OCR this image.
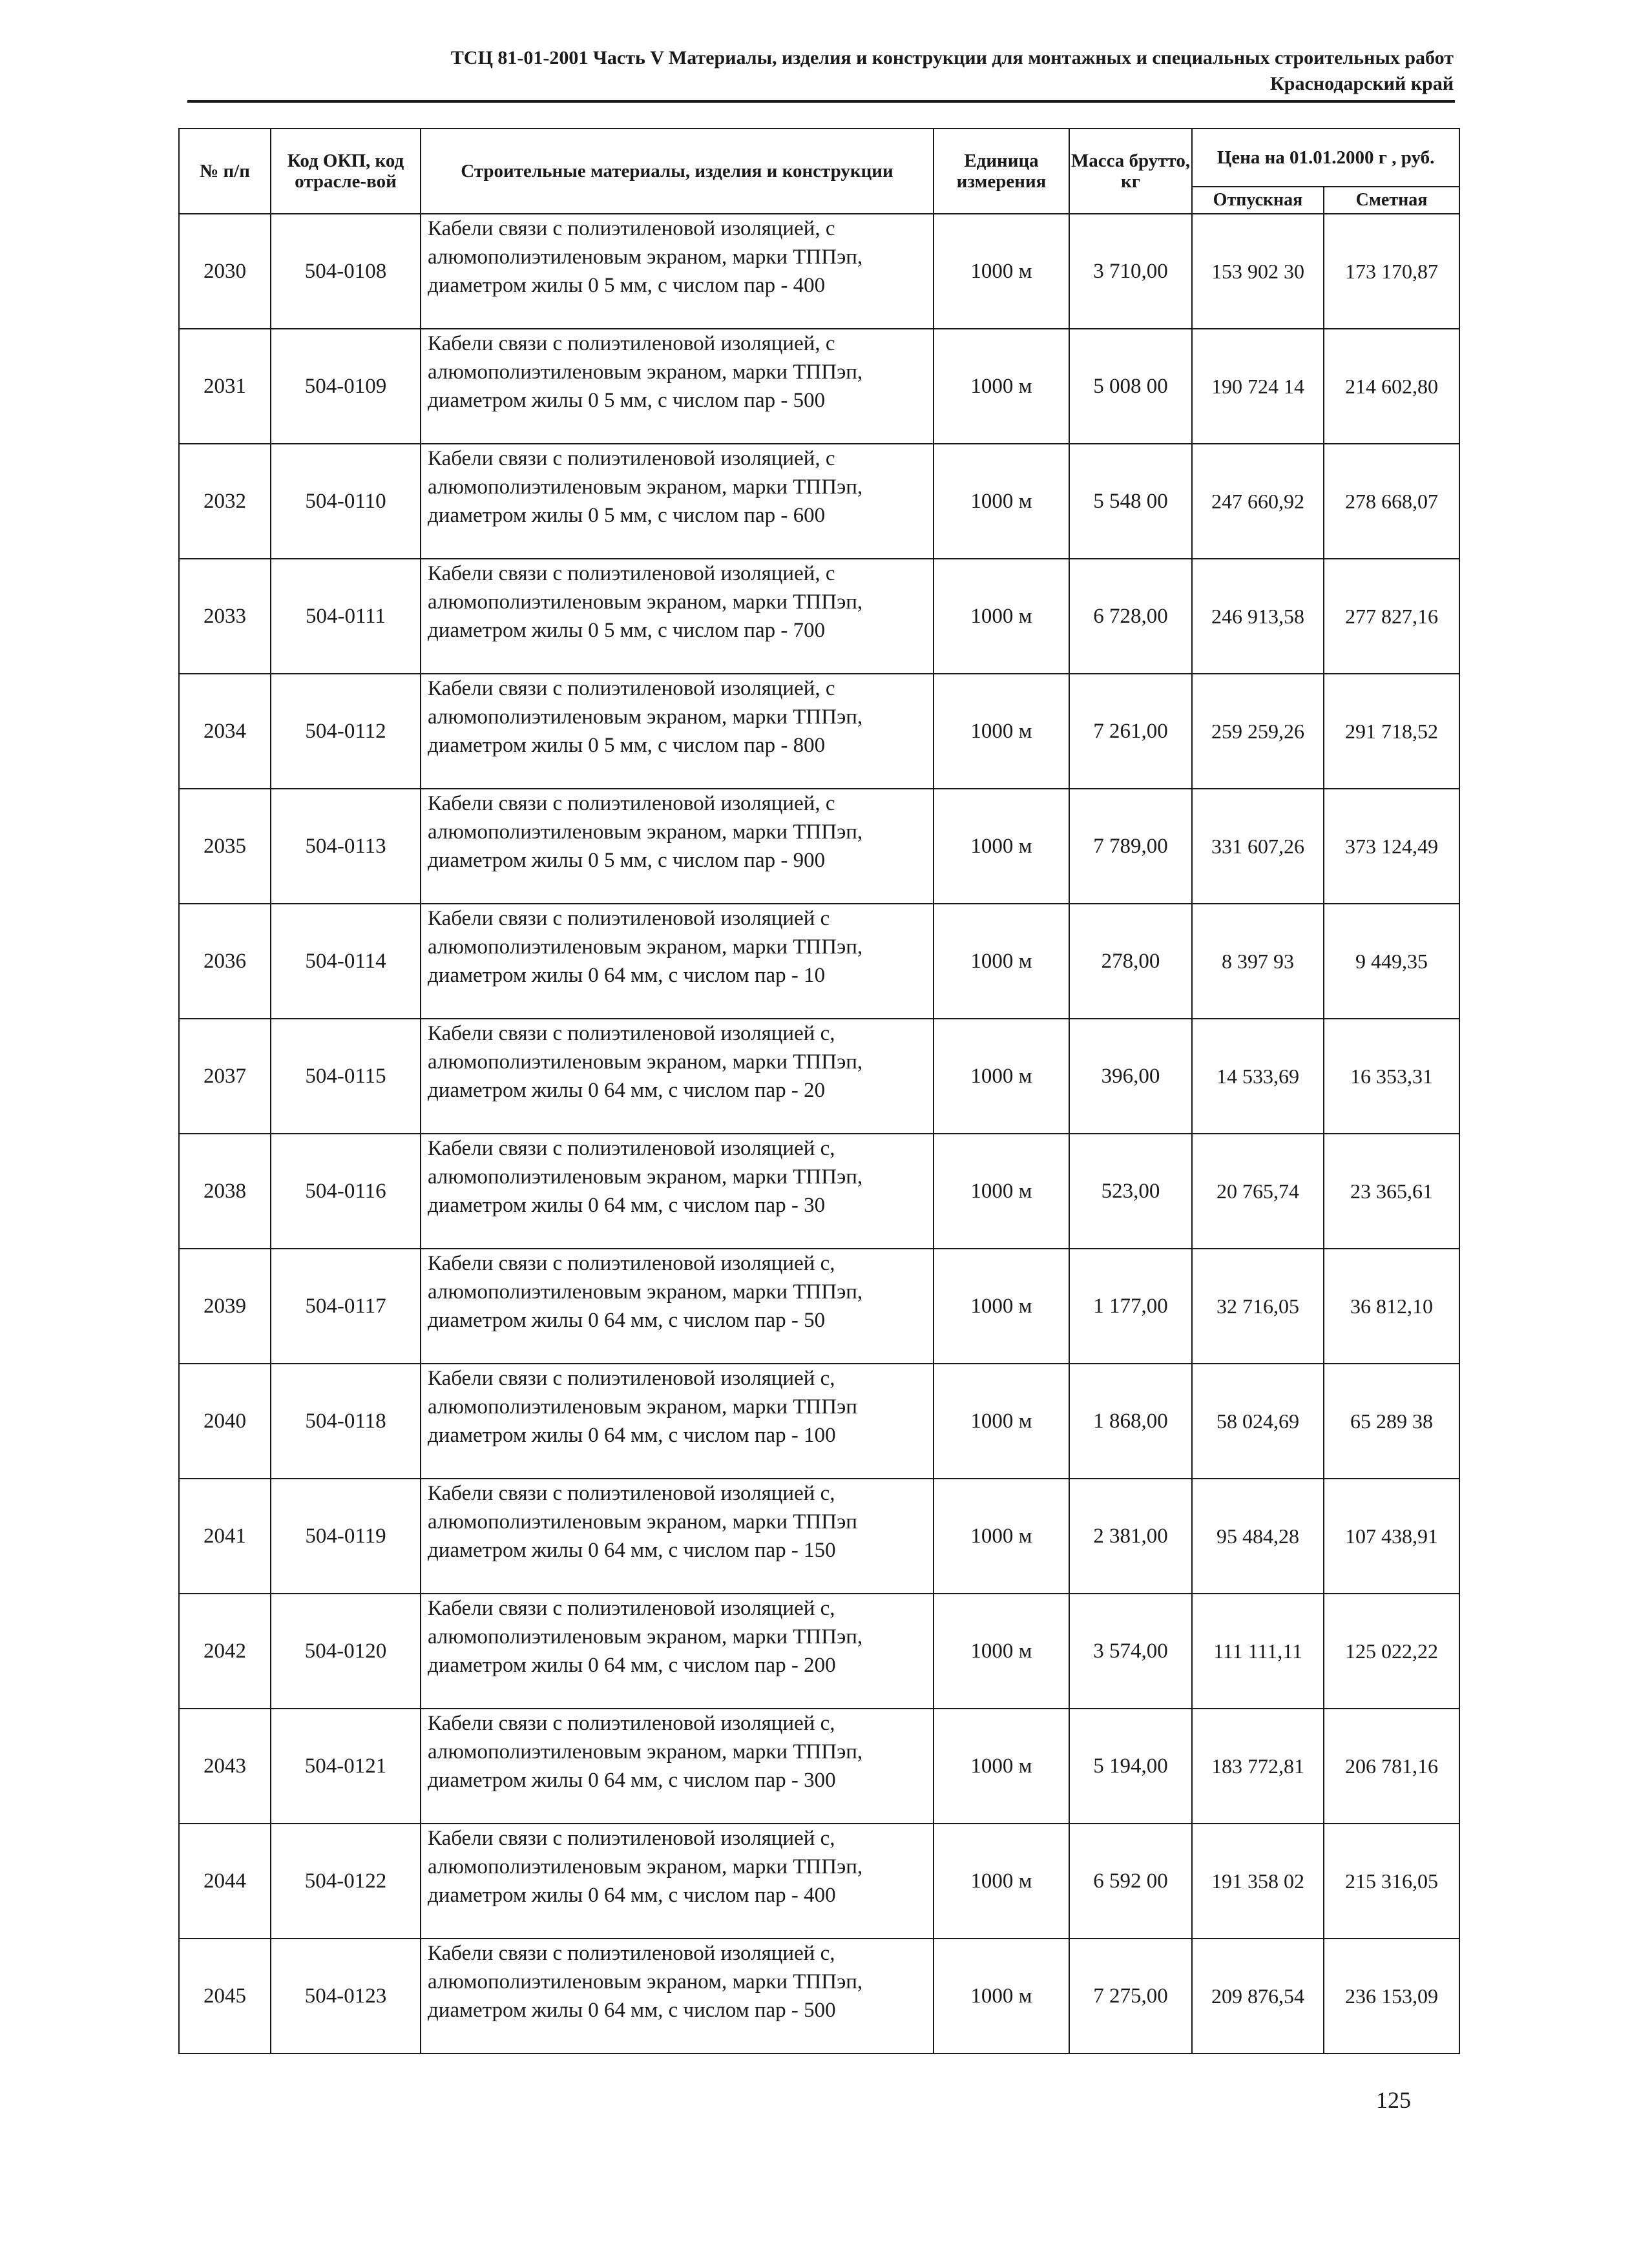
ТСЦ 81-01-2001 Часть V Материалы, изделия и конструкции для монтажных и специальных строительных работ
Краснодарский край
№ п/п	Код ОКП, код отрасле-вой	Строительные материалы, изделия и конструкции	Единица измерения	Масса брутто, кг	Цена на 01.01.2000 г , руб.	
					Отпускная	Сметная
2030	504-0108	Кабели связи с полиэтиленовой изоляцией, с алюмополиэтиленовым экраном, марки ТППэп, диаметром жилы 0 5 мм, с числом пар - 400	1000 м	3 710,00	153 902 30	173 170,87
2031	504-0109	Кабели связи с полиэтиленовой изоляцией, с алюмополиэтиленовым экраном, марки ТППэп, диаметром жилы 0 5 мм, с числом пар - 500	1000 м	5 008 00	190 724 14	214 602,80
2032	504-0110	Кабели связи с полиэтиленовой изоляцией, с алюмополиэтиленовым экраном, марки ТППэп, диаметром жилы 0 5 мм, с числом пар - 600	1000 м	5 548 00	247 660,92	278 668,07
2033	504-0111	Кабели связи с полиэтиленовой изоляцией, с алюмополиэтиленовым экраном, марки ТППэп, диаметром жилы 0 5 мм, с числом пар - 700	1000 м	6 728,00	246 913,58	277 827,16
2034	504-0112	Кабели связи с полиэтиленовой изоляцией, с алюмополиэтиленовым экраном, марки ТППэп, диаметром жилы 0 5 мм, с числом пар - 800	1000 м	7 261,00	259 259,26	291 718,52
2035	504-0113	Кабели связи с полиэтиленовой изоляцией, с алюмополиэтиленовым экраном, марки ТППэп, диаметром жилы 0 5 мм, с числом пар - 900	1000 м	7 789,00	331 607,26	373 124,49
2036	504-0114	Кабели связи с полиэтиленовой изоляцией с алюмополиэтиленовым экраном, марки ТППэп, диаметром жилы 0 64 мм, с числом пар - 10	1000 м	278,00	8 397 93	9 449,35
2037	504-0115	Кабели связи с полиэтиленовой изоляцией с, алюмополиэтиленовым экраном, марки ТППэп, диаметром жилы 0 64 мм, с числом пар - 20	1000 м	396,00	14 533,69	16 353,31
2038	504-0116	Кабели связи с полиэтиленовой изоляцией с, алюмополиэтиленовым экраном, марки ТППэп, диаметром жилы 0 64 мм, с числом пар - 30	1000 м	523,00	20 765,74	23 365,61
2039	504-0117	Кабели связи с полиэтиленовой изоляцией с, алюмополиэтиленовым экраном, марки ТППэп, диаметром жилы 0 64 мм, с числом пар - 50	1000 м	1 177,00	32 716,05	36 812,10
2040	504-0118	Кабели связи с полиэтиленовой изоляцией с, алюмополиэтиленовым экраном, марки ТППэп диаметром жилы 0 64 мм, с числом пар - 100	1000 м	1 868,00	58 024,69	65 289 38
2041	504-0119	Кабели связи с полиэтиленовой изоляцией с, алюмополиэтиленовым экраном, марки ТППэп диаметром жилы 0 64 мм, с числом пар - 150	1000 м	2 381,00	95 484,28	107 438,91
2042	504-0120	Кабели связи с полиэтиленовой изоляцией с, алюмополиэтиленовым экраном, марки ТППэп, диаметром жилы 0 64 мм, с числом пар - 200	1000 м	3 574,00	111 111,11	125 022,22
2043	504-0121	Кабели связи с полиэтиленовой изоляцией с, алюмополиэтиленовым экраном, марки ТППэп, диаметром жилы 0 64 мм, с числом пар - 300	1000 м	5 194,00	183 772,81	206 781,16
2044	504-0122	Кабели связи с полиэтиленовой изоляцией с, алюмополиэтиленовым экраном, марки ТППэп, диаметром жилы 0 64 мм, с числом пар - 400	1000 м	6 592 00	191 358 02	215 316,05
2045	504-0123	Кабели связи с полиэтиленовой изоляцией с, алюмополиэтиленовым экраном, марки ТППэп, диаметром жилы 0 64 мм, с числом пар - 500	1000 м	7 275,00	209 876,54	236 153,09
125
